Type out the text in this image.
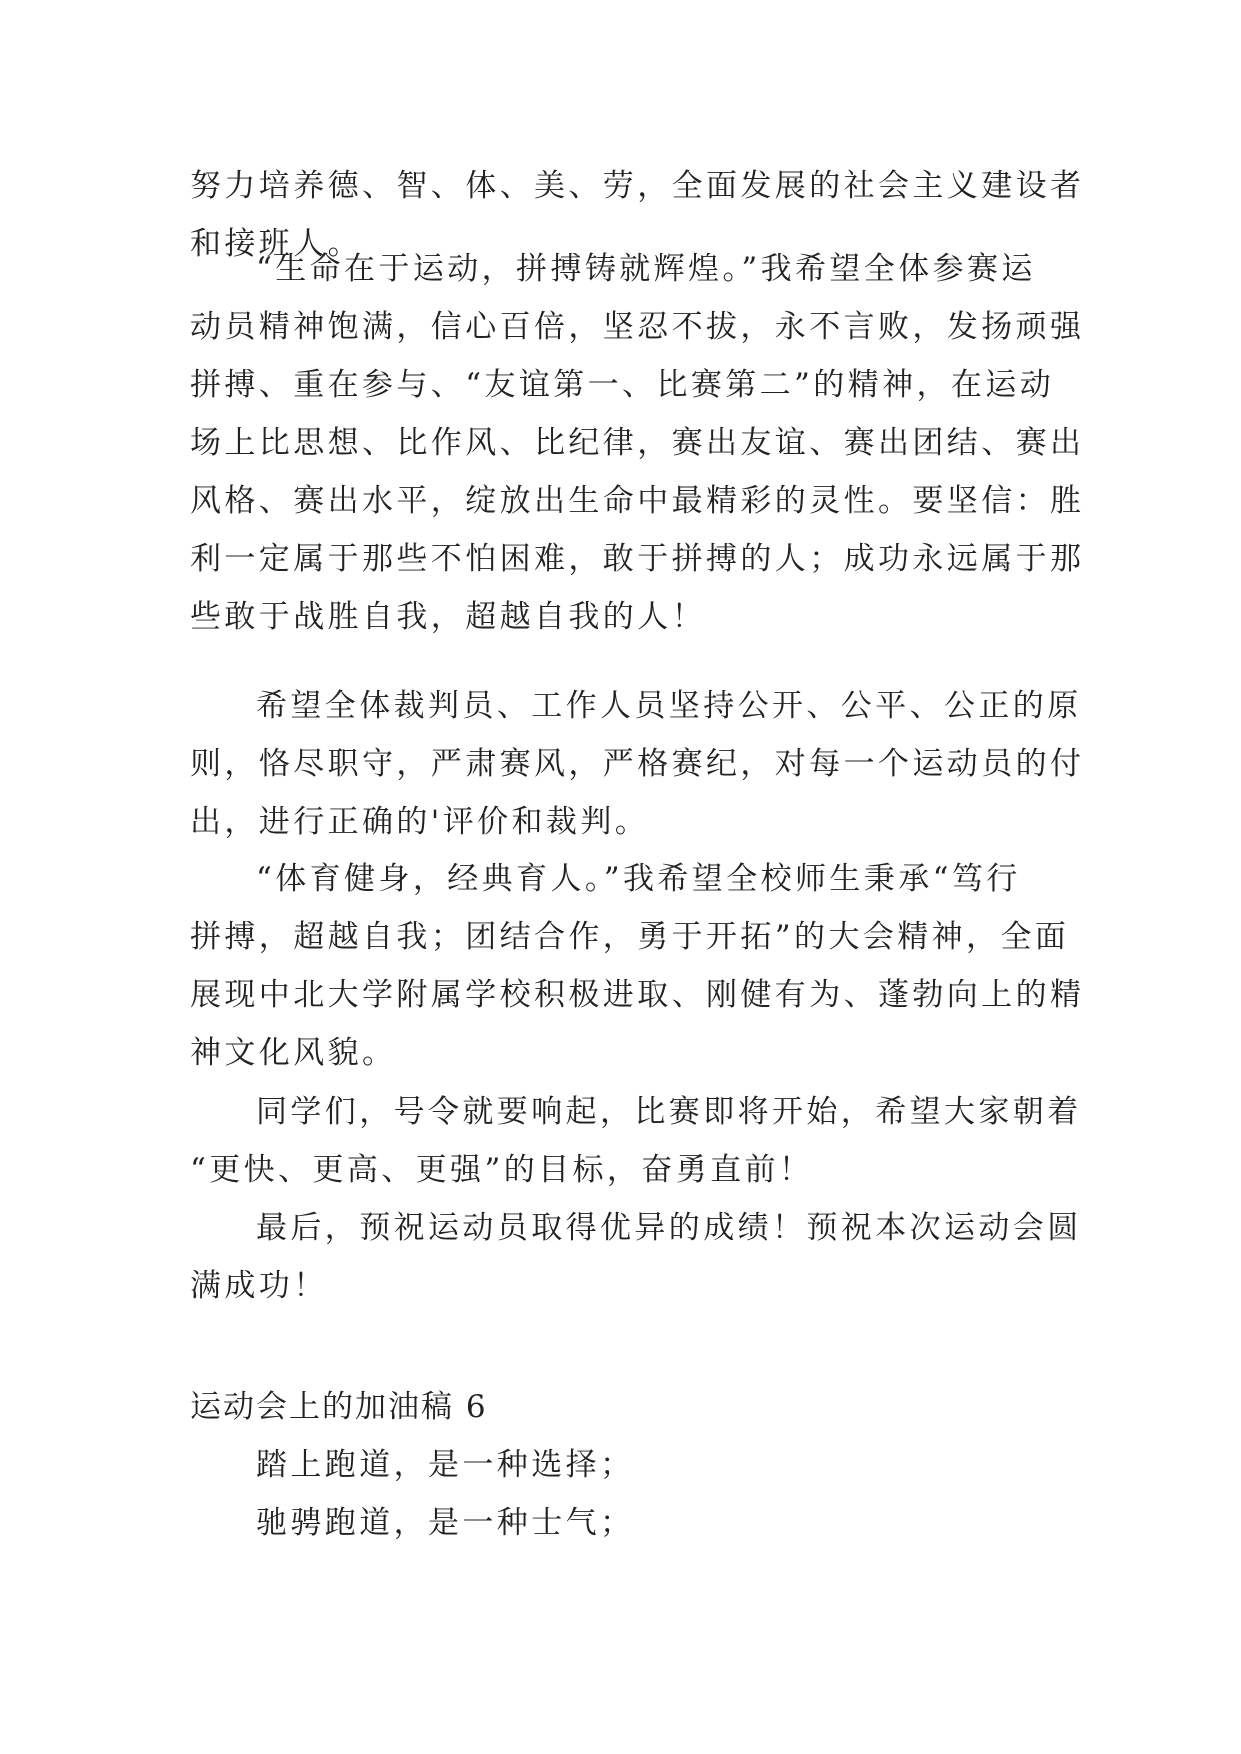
努力培养德、智、体、美、劳，全面发展的社会主义建设者
和接班人。
“生命在于运动，拼搏铸就辉煌。”我希望全体参赛运
动员精神饱满，信心百倍，坚忍不拔，永不言败，发扬顽强
拼搏、重在参与、“友谊第一、比赛第二”的精神，在运动
场上比思想、比作风、比纪律，赛出友谊、赛出团结、赛出
风格、赛出水平，绽放出生命中最精彩的灵性。要坚信：胜
利一定属于那些不怕困难，敢于拼搏的人；成功永远属于那
些敢于战胜自我，超越自我的人！
希望全体裁判员、工作人员坚持公开、公平、公正的原
则，恪尽职守，严肃赛风，严格赛纪，对每一个运动员的付
出，进行正确的'评价和裁判。
“体育健身，经典育人。”我希望全校师生秉承“笃行
拼搏，超越自我；团结合作，勇于开拓”的大会精神，全面
展现中北大学附属学校积极进取、刚健有为、蓬勃向上的精
神文化风貌。
同学们，号令就要响起，比赛即将开始，希望大家朝着
“更快、更高、更强”的目标，奋勇直前！
最后，预祝运动员取得优异的成绩！预祝本次运动会圆
满成功！
运动会上的加油稿 6
踏上跑道，是一种选择；
驰骋跑道，是一种士气；
